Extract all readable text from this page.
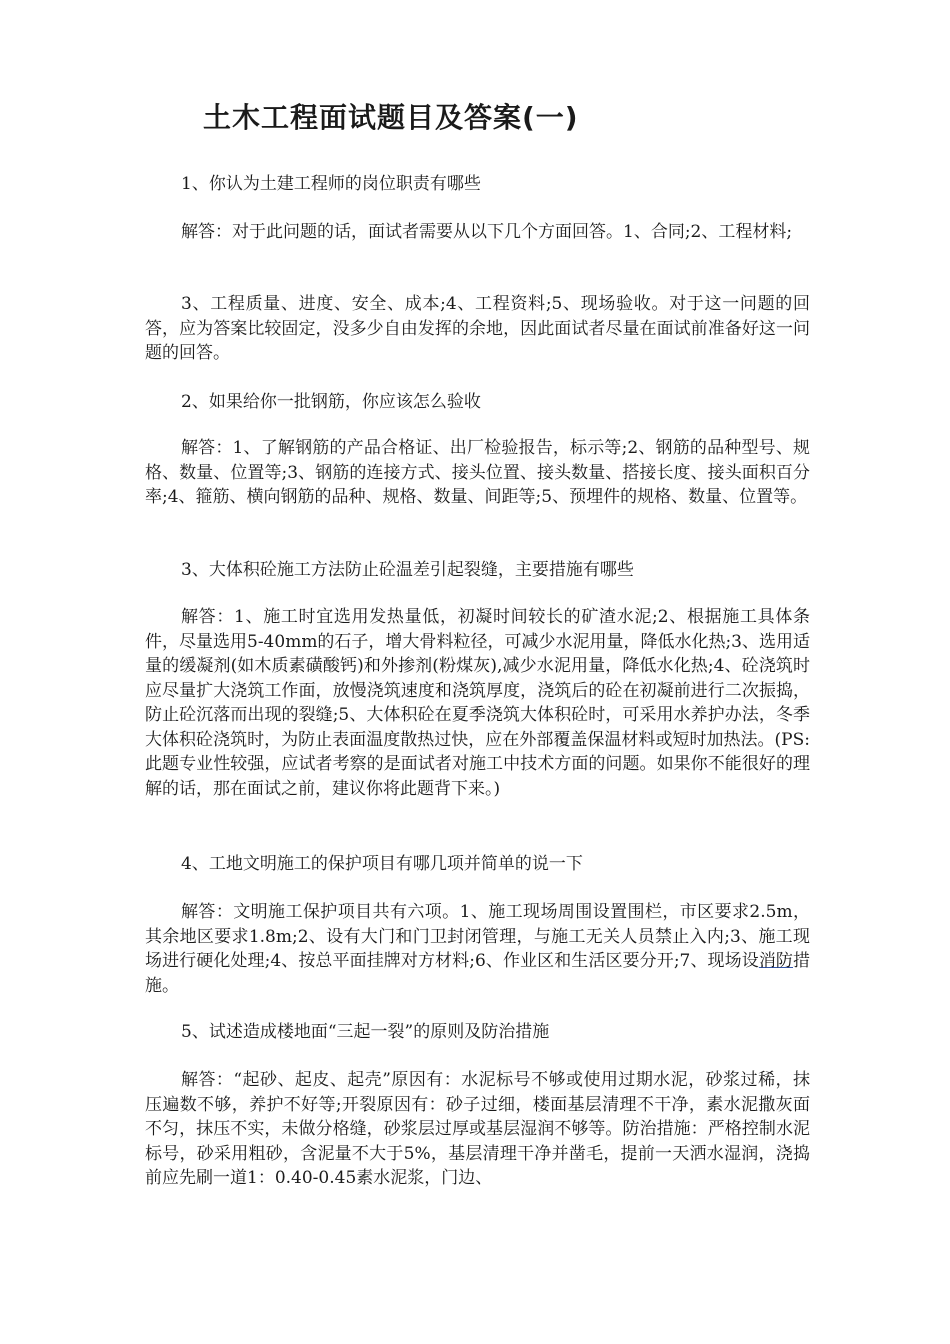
土木工程面试题目及答案(一)

1、你认为土建工程师的岗位职责有哪些

解答：对于此问题的话，面试者需要从以下几个方面回答。1、合同;2、工程材料;

3、工程质量、进度、安全、成本;4、工程资料;5、现场验收。对于这一问题的回答，应为答案比较固定，没多少自由发挥的余地，因此面试者尽量在面试前准备好这一问题的回答。

2、如果给你一批钢筋，你应该怎么验收

解答：1、了解钢筋的产品合格证、出厂检验报告，标示等;2、钢筋的品种型号、规格、数量、位置等;3、钢筋的连接方式、接头位置、接头数量、搭接长度、接头面积百分率;4、箍筋、横向钢筋的品种、规格、数量、间距等;5、预埋件的规格、数量、位置等。

3、大体积砼施工方法防止砼温差引起裂缝，主要措施有哪些

解答：1、施工时宜选用发热量低，初凝时间较长的矿渣水泥;2、根据施工具体条件，尽量选用5-40mm的石子，增大骨料粒径，可减少水泥用量，降低水化热;3、选用适量的缓凝剂(如木质素磺酸钙)和外掺剂(粉煤灰),减少水泥用量，降低水化热;4、砼浇筑时应尽量扩大浇筑工作面，放慢浇筑速度和浇筑厚度，浇筑后的砼在初凝前进行二次振捣，防止砼沉落而出现的裂缝;5、大体积砼在夏季浇筑大体积砼时，可采用水养护办法，冬季大体积砼浇筑时，为防止表面温度散热过快，应在外部覆盖保温材料或短时加热法。(PS:此题专业性较强，应试者考察的是面试者对施工中技术方面的问题。如果你不能很好的理解的话，那在面试之前，建议你将此题背下来。)

4、工地文明施工的保护项目有哪几项并简单的说一下

解答：文明施工保护项目共有六项。1、施工现场周围设置围栏，市区要求2.5m，其余地区要求1.8m;2、设有大门和门卫封闭管理，与施工无关人员禁止入内;3、施工现场进行硬化处理;4、按总平面挂牌对方材料;6、作业区和生活区要分开;7、现场设消防措施。

5、试述造成楼地面“三起一裂”的原则及防治措施

解答：“起砂、起皮、起壳”原因有：水泥标号不够或使用过期水泥，砂浆过稀，抹压遍数不够，养护不好等;开裂原因有：砂子过细，楼面基层清理不干净，素水泥撒灰面不匀，抹压不实，未做分格缝，砂浆层过厚或基层湿润不够等。防治措施：严格控制水泥标号，砂采用粗砂，含泥量不大于5%，基层清理干净并凿毛，提前一天洒水湿润，浇捣前应先刷一道1：0.40-0.45素水泥浆，门边、
